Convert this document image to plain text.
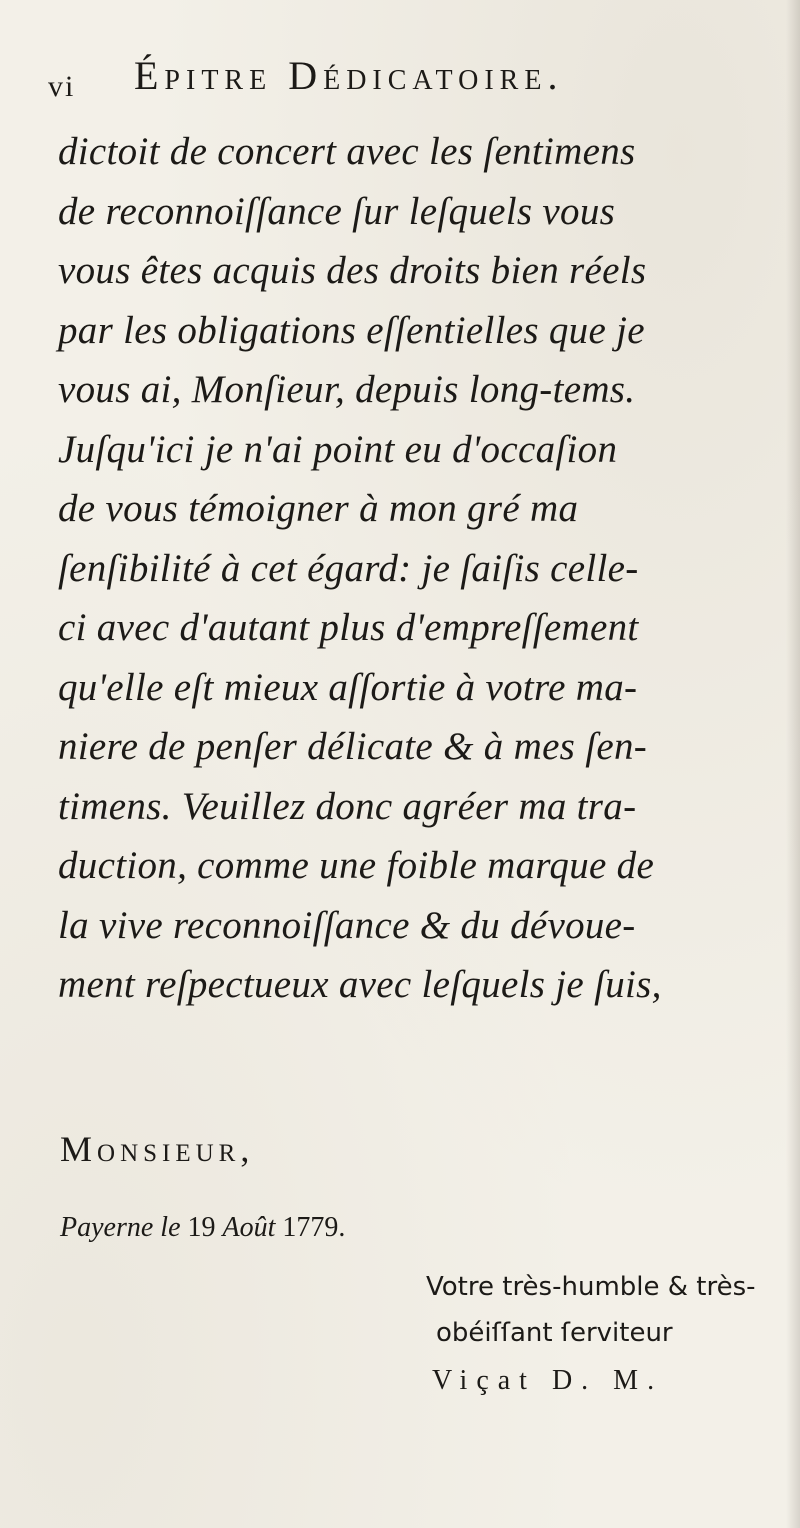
vi Épitre Dédicatoire.
dictoit de concert avec les ſentimens
de reconnoiſſance ſur leſquels vous
vous êtes acquis des droits bien réels
par les obligations eſſentielles que je
vous ai, Monſieur, depuis long-tems.
Juſqu'ici je n'ai point eu d'occaſion
de vous témoigner à mon gré ma
ſenſibilité à cet égard: je ſaiſis celle-
ci avec d'autant plus d'empreſſement
qu'elle eſt mieux aſſortie à votre ma-
niere de penſer délicate & à mes ſen-
timens. Veuillez donc agréer ma tra-
duction, comme une foible marque de
la vive reconnoiſſance & du dévoue-
ment reſpectueux avec leſquels je ſuis,
Monsieur,
Payerne le 19 Août 1779.
Votre très-humble & très-
obéiſſant ſerviteur
Viçat D. M.
